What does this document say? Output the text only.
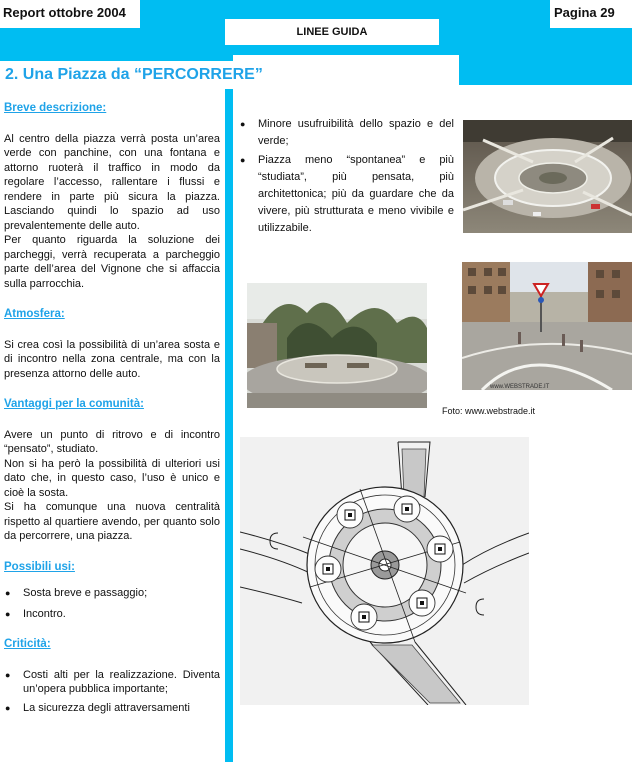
Report ottobre 2004	Pagina 29
LINEE GUIDA
2. Una Piazza da “PERCORRERE”

Breve descrizione:

Al centro della piazza verrà posta un’area verde con panchine, con una fontana e attorno ruoterà il traffico in modo da regolare l’accesso, rallentare i flussi e rendere in parte più sicura la piazza. Lasciando quindi lo spazio ad uso prevalentemente delle auto.

Per quanto riguarda la soluzione dei parcheggi, verrà recuperata a parcheggio parte dell’area del Vignone che si affaccia sulla parrocchia.

Atmosfera:

Si crea così la possibilità di un’area sosta e di incontro nella zona centrale, ma con la presenza attorno delle auto.

Vantaggi per la comunità:

Avere un punto di ritrovo e di incontro “pensato”, studiato.

Non si ha però la possibilità di ulteriori usi dato che, in questo caso, l’uso è unico e cioè la sosta.

Si ha comunque una nuova centralità rispetto al quartiere avendo, per quanto solo da percorrere, una piazza.

Possibili usi:

● Sosta breve e passaggio;
● Incontro.

Criticità:

● Costi alti per la realizzazione. Diventa un’opera pubblica importante;
● La sicurezza degli attraversamenti
● Minore usufruibilità dello spazio e del verde;
● Piazza meno “spontanea” e più “studiata”, più pensata, più architettonica; più da guardare che da vivere, più strutturata e meno vivibile e utilizzabile.
www.WEBSTRADE.IT
Foto: www.webstrade.it
